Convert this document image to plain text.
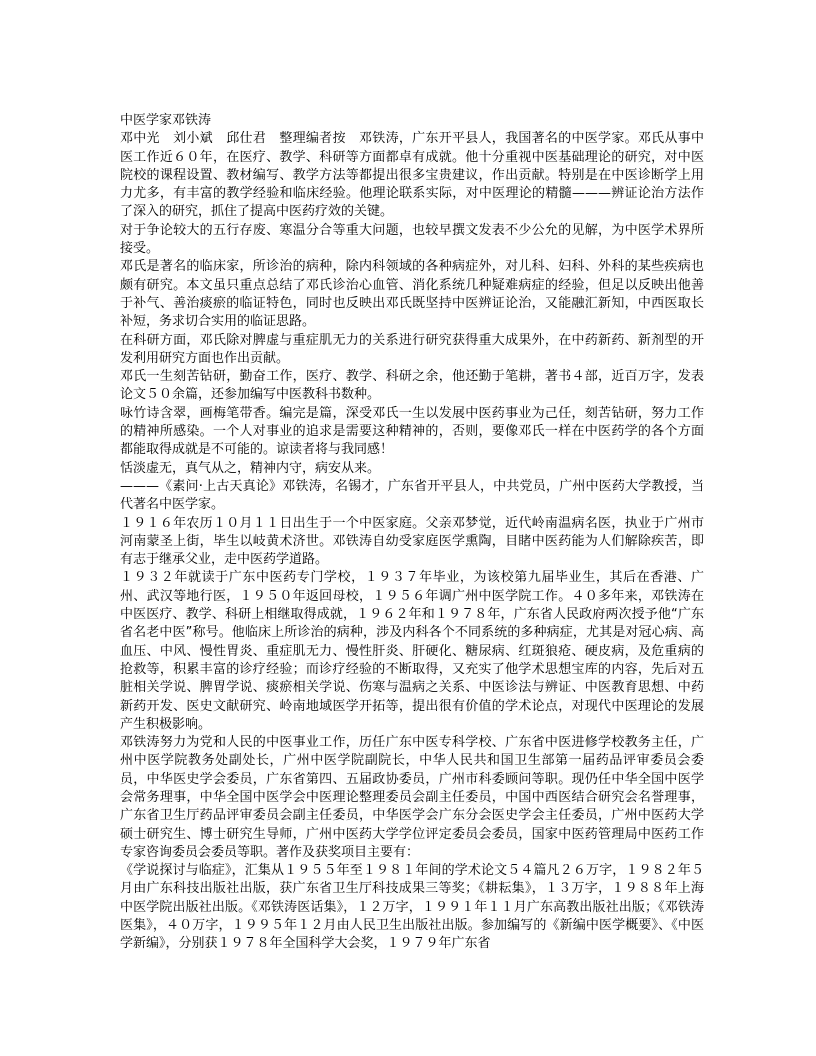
中医学家邓铁涛

邓中光　刘小斌　邱仕君　整理编者按　邓铁涛，广东开平县人，我国著名的中医学家。邓氏从事中医工作近６０年，在医疗、教学、科研等方面都卓有成就。他十分重视中医基础理论的研究，对中医院校的课程设置、教材编写、教学方法等都提出很多宝贵建议，作出贡献。特别是在中医诊断学上用力尤多，有丰富的教学经验和临床经验。他理论联系实际，对中医理论的精髓———辨证论治方法作了深入的研究，抓住了提高中医药疗效的关键。

对于争论较大的五行存废、寒温分合等重大问题，也较早撰文发表不少公允的见解，为中医学术界所接受。

邓氏是著名的临床家，所诊治的病种，除内科领域的各种病症外，对儿科、妇科、外科的某些疾病也颇有研究。本文虽只重点总结了邓氏诊治心血管、消化系统几种疑难病症的经验，但足以反映出他善于补气、善治痰瘀的临证特色，同时也反映出邓氏既坚持中医辨证论治，又能融汇新知，中西医取长补短，务求切合实用的临证思路。

在科研方面，邓氏除对脾虚与重症肌无力的关系进行研究获得重大成果外，在中药新药、新剂型的开发利用研究方面也作出贡献。

邓氏一生刻苦钻研，勤奋工作，医疗、教学、科研之余，他还勤于笔耕，著书４部，近百万字，发表论文５０余篇，还参加编写中医教科书数种。

咏竹诗含翠，画梅笔带香。编完是篇，深受邓氏一生以发展中医药事业为己任，刻苦钻研，努力工作的精神所感染。一个人对事业的追求是需要这种精神的，否则，要像邓氏一样在中医药学的各个方面都能取得成就是不可能的。谅读者将与我同感！

恬淡虚无，真气从之，精神内守，病安从来。

———《素问·上古天真论》邓铁涛，名锡才，广东省开平县人，中共党员，广州中医药大学教授，当代著名中医学家。

１９１６年农历１０月１１日出生于一个中医家庭。父亲邓梦觉，近代岭南温病名医，执业于广州市河南蒙圣上街，毕生以岐黄术济世。邓铁涛自幼受家庭医学熏陶，目睹中医药能为人们解除疾苦，即有志于继承父业，走中医药学道路。

１９３２年就读于广东中医药专门学校，１９３７年毕业，为该校第九届毕业生，其后在香港、广州、武汉等地行医，１９５０年返回母校，１９５６年调广州中医学院工作。４０多年来，邓铁涛在中医医疗、教学、科研上相继取得成就，１９６２年和１９７８年，广东省人民政府两次授予他“广东省名老中医”称号。他临床上所诊治的病种，涉及内科各个不同系统的多种病症，尤其是对冠心病、高血压、中风、慢性胃炎、重症肌无力、慢性肝炎、肝硬化、糖尿病、红斑狼疮、硬皮病，及危重病的抢救等，积累丰富的诊疗经验；而诊疗经验的不断取得，又充实了他学术思想宝库的内容，先后对五脏相关学说、脾胃学说、痰瘀相关学说、伤寒与温病之关系、中医诊法与辨证、中医教育思想、中药新药开发、医史文献研究、岭南地域医学开拓等，提出很有价值的学术论点，对现代中医理论的发展产生积极影响。

邓铁涛努力为党和人民的中医事业工作，历任广东中医专科学校、广东省中医进修学校教务主任，广州中医学院教务处副处长，广州中医学院副院长，中华人民共和国卫生部第一届药品评审委员会委员，中华医史学会委员，广东省第四、五届政协委员，广州市科委顾问等职。现仍任中华全国中医学会常务理事，中华全国中医学会中医理论整理委员会副主任委员，中国中西医结合研究会名誉理事，广东省卫生厅药品评审委员会副主任委员，中华医学会广东分会医史学会主任委员，广州中医药大学硕士研究生、博士研究生导师，广州中医药大学学位评定委员会委员，国家中医药管理局中医药工作专家咨询委员会委员等职。著作及获奖项目主要有：

《学说探讨与临症》，汇集从１９５５年至１９８１年间的学术论文５４篇凡２６万字，１９８２年５月由广东科技出版社出版，获广东省卫生厅科技成果三等奖；《耕耘集》，１３万字，１９８８年上海中医学院出版社出版。《邓铁涛医话集》，１２万字，１９９１年１１月广东高教出版社出版；《邓铁涛医集》，４０万字，１９９５年１２月由人民卫生出版社出版。参加编写的《新编中医学概要》、《中医学新编》，分别获１９７８年全国科学大会奖，１９７９年广东省
